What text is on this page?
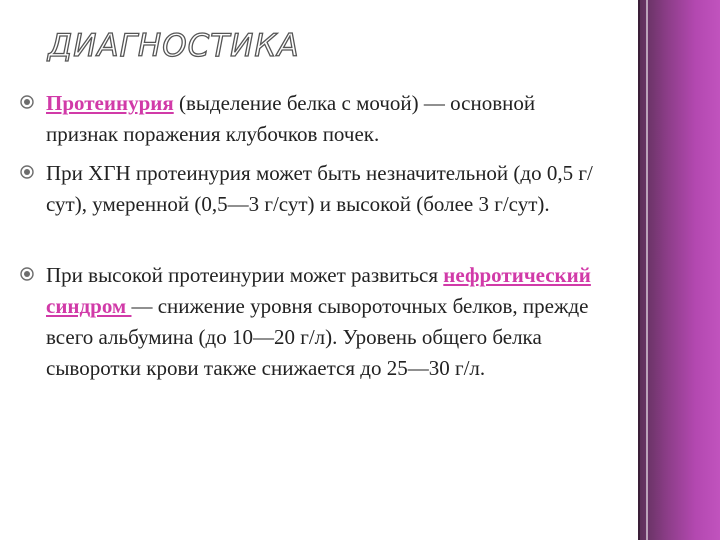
ДИАГНОСТИКА
Протеинурия (выделение белка с мочой) — основной признак поражения клубочков почек.
При ХГН протеинурия может быть незначительной (до 0,5 г/сут), умеренной (0,5—3 г/сут) и высокой (более 3 г/сут).
При высокой протеинурии может развиться нефротический синдром — снижение уровня сывороточных белков, прежде всего альбумина (до 10—20 г/л). Уровень общего белка сыворотки крови также снижается до 25—30 г/л.
